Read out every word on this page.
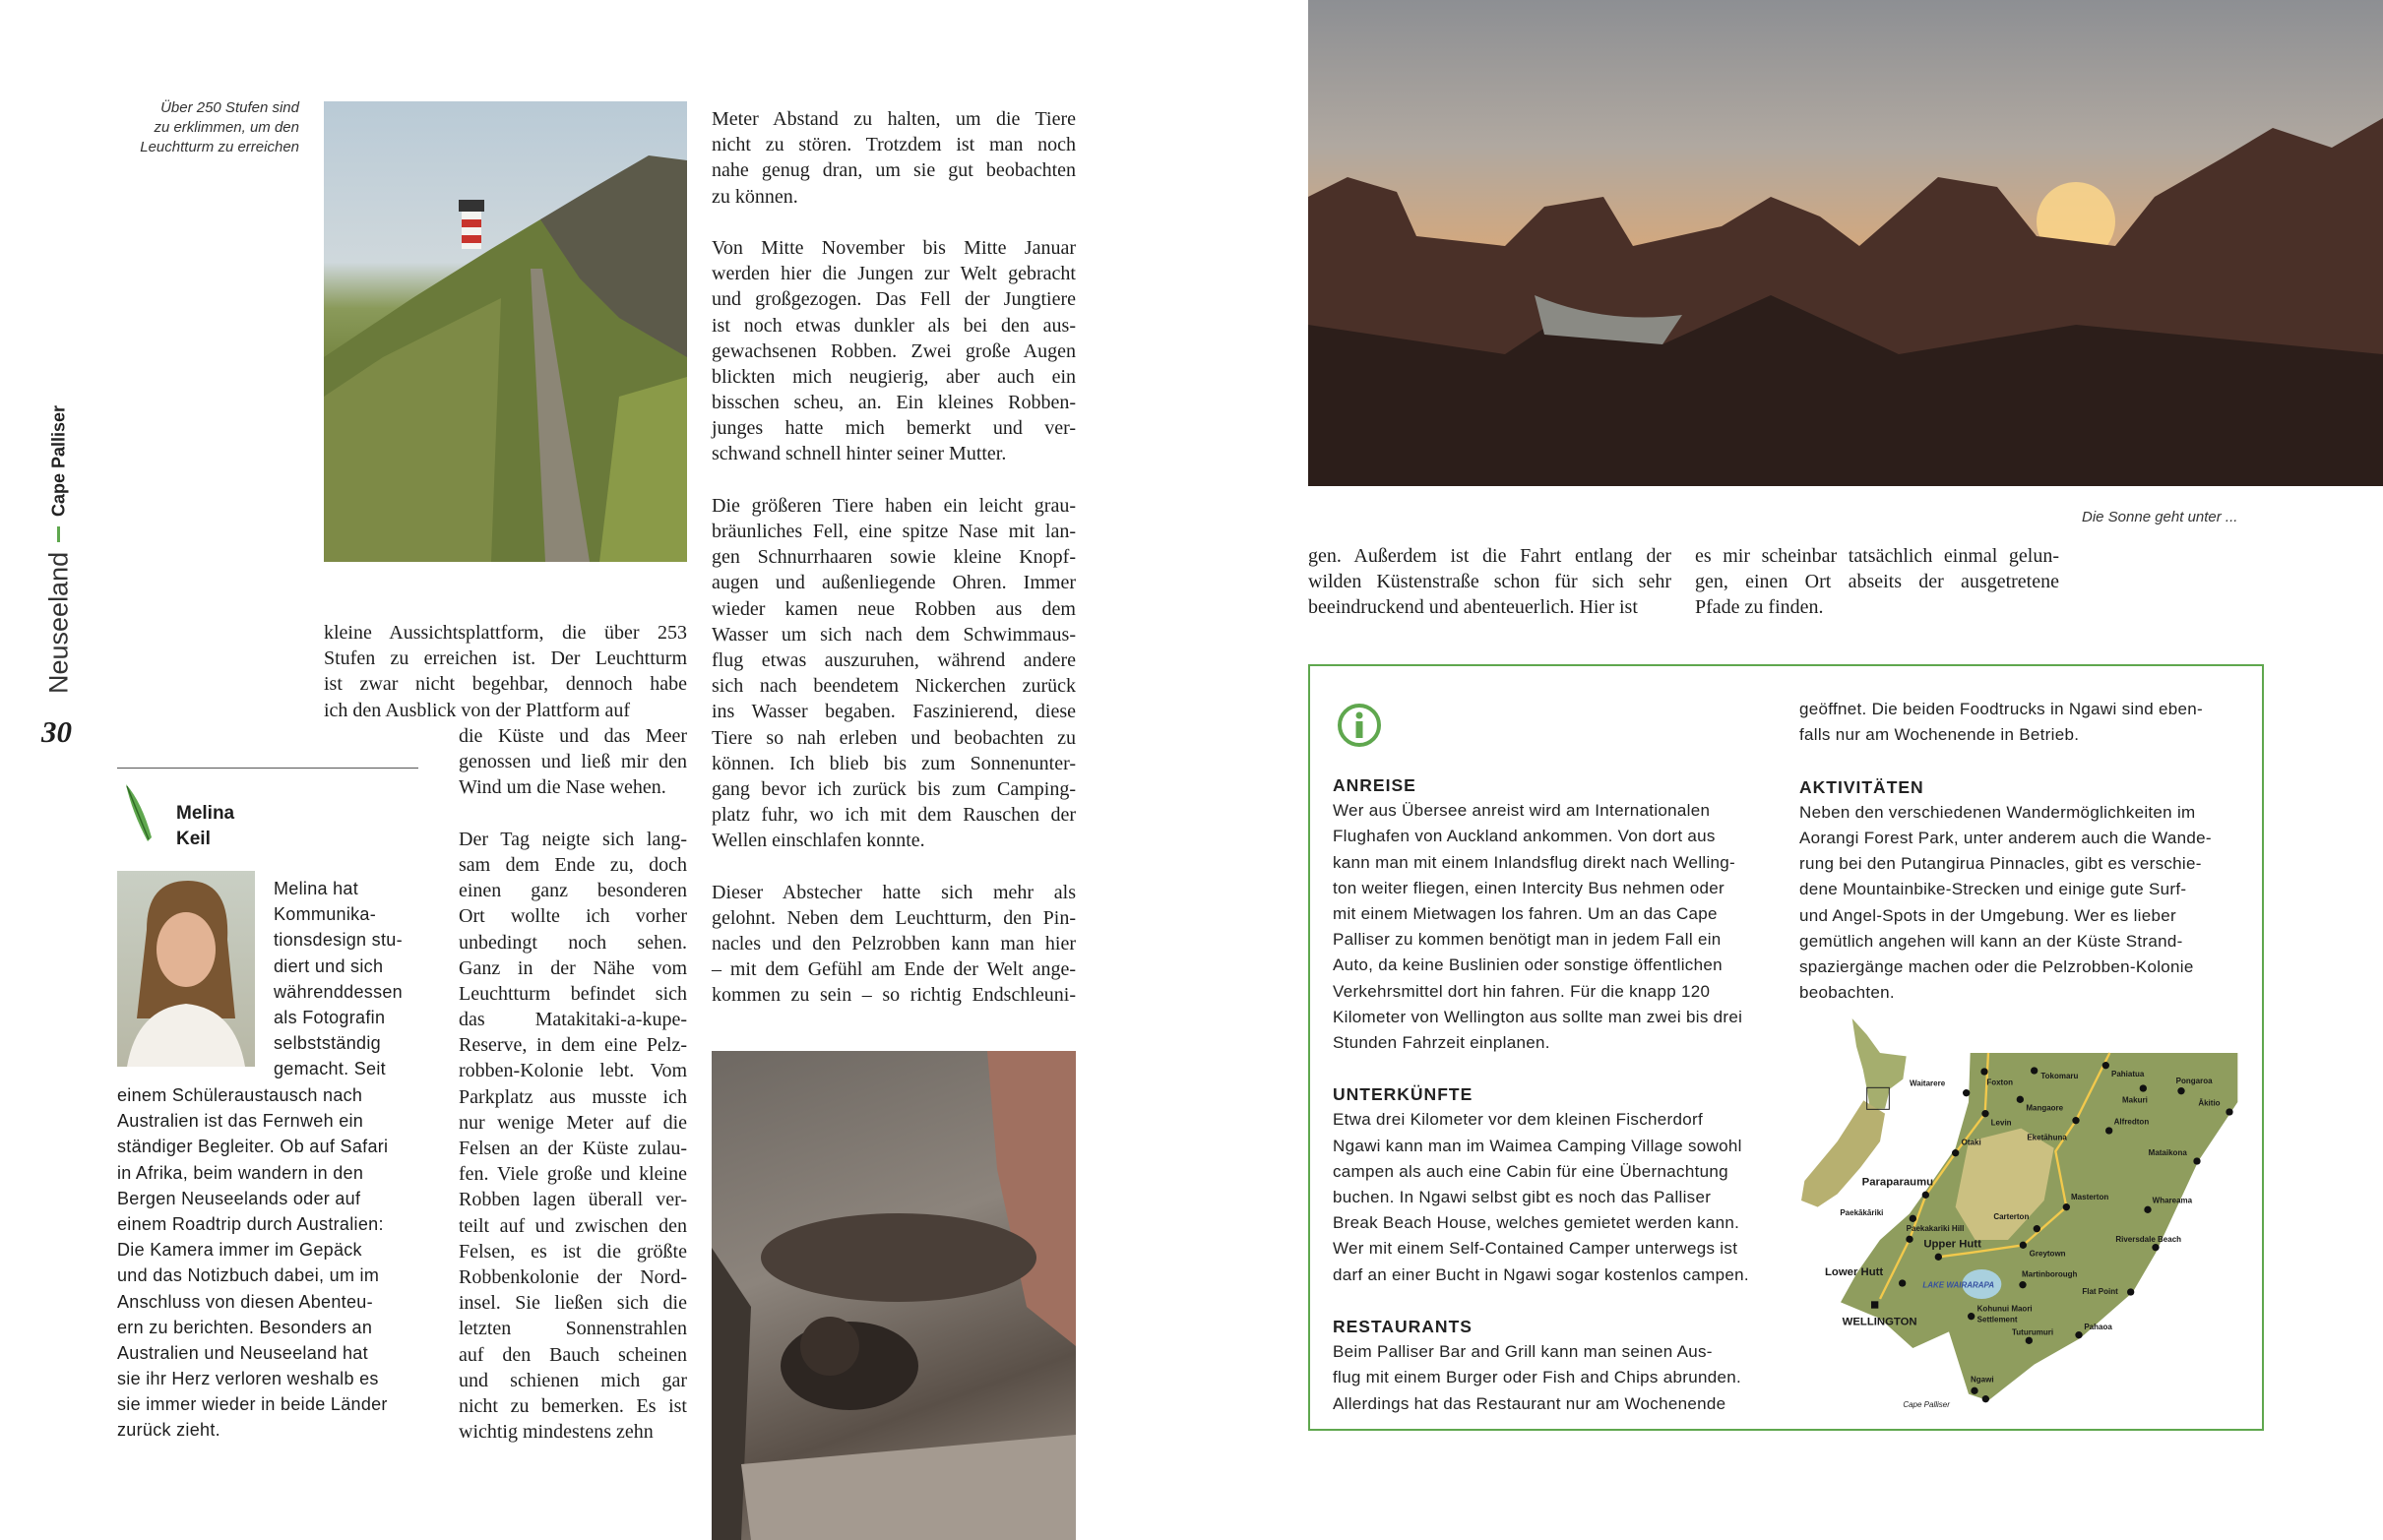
Über 250 Stufen sind
zu erklimmen, um den
Leuchtturm zu erreichen
Neuseeland
Cape Palliser
30
kleine Aussichtsplattform, die über 253
Stufen zu erreichen ist. Der Leuchtturm
ist zwar nicht begehbar, dennoch habe
ich den Ausblick von der Plattform auf
die Küste und das Meer
genossen und ließ mir den
Wind um die Nase wehen.
Der Tag neigte sich lang-
sam dem Ende zu, doch
einen ganz besonderen
Ort wollte ich vorher
unbedingt noch sehen.
Ganz in der Nähe vom
Leuchtturm befindet sich
das Matakitaki-a-kupe-
Reserve, in dem eine Pelz-
robben-Kolonie lebt. Vom
Parkplatz aus musste ich
nur wenige Meter auf die
Felsen an der Küste zulau-
fen. Viele große und kleine
Robben lagen überall ver-
teilt auf und zwischen den
Felsen, es ist die größte
Robbenkolonie der Nord-
insel. Sie ließen sich die
letzten Sonnenstrahlen
auf den Bauch scheinen
und schienen mich gar
nicht zu bemerken. Es ist
wichtig mindestens zehn
Meter Abstand zu halten, um die Tiere
nicht zu stören. Trotzdem ist man noch
nahe genug dran, um sie gut beobachten
zu können.
Von Mitte November bis Mitte Januar
werden hier die Jungen zur Welt gebracht
und großgezogen. Das Fell der Jungtiere
ist noch etwas dunkler als bei den aus-
gewachsenen Robben. Zwei große Augen
blickten mich neugierig, aber auch ein
bisschen scheu, an. Ein kleines Robben-
junges hatte mich bemerkt und ver-
schwand schnell hinter seiner Mutter.
Die größeren Tiere haben ein leicht grau-
bräunliches Fell, eine spitze Nase mit lan-
gen Schnurrhaaren sowie kleine Knopf-
augen und außenliegende Ohren. Immer
wieder kamen neue Robben aus dem
Wasser um sich nach dem Schwimmaus-
flug etwas auszuruhen, während andere
sich nach beendetem Nickerchen zurück
ins Wasser begaben. Faszinierend, diese
Tiere so nah erleben und beobachten zu
können. Ich blieb bis zum Sonnenunter-
gang bevor ich zurück bis zum Camping-
platz fuhr, wo ich mit dem Rauschen der
Wellen einschlafen konnte.
Dieser Abstecher hatte sich mehr als
gelohnt. Neben dem Leuchtturm, den Pin-
nacles und den Pelzrobben kann man hier
– mit dem Gefühl am Ende der Welt ange-
kommen zu sein – so richtig Endschleuni-
Melina
Keil
Melina hat
Kommunika-
tionsdesign stu-
diert und sich
währenddessen
als Fotografin
selbstständig
gemacht. Seit
einem Schüleraustausch nach
Australien ist das Fernweh ein
ständiger Begleiter. Ob auf Safari
in Afrika, beim wandern in den
Bergen Neuseelands oder auf
einem Roadtrip durch Australien:
Die Kamera immer im Gepäck
und das Notizbuch dabei, um im
Anschluss von diesen Abenteu-
ern zu berichten. Besonders an
Australien und Neuseeland hat
sie ihr Herz verloren weshalb es
sie immer wieder in beide Länder
zurück zieht.
Die Sonne geht unter ...
gen. Außerdem ist die Fahrt entlang der
wilden Küstenstraße schon für sich sehr
beeindruckend und abenteuerlich. Hier ist
es mir scheinbar tatsächlich einmal gelun-
gen, einen Ort abseits der ausgetretene
Pfade zu finden.
ANREISE
Wer aus Übersee anreist wird am Internationalen
Flughafen von Auckland ankommen. Von dort aus
kann man mit einem Inlandsflug direkt nach Welling-
ton weiter fliegen, einen Intercity Bus nehmen oder
mit einem Mietwagen los fahren. Um an das Cape
Palliser zu kommen benötigt man in jedem Fall ein
Auto, da keine Buslinien oder sonstige öffentlichen
Verkehrsmittel dort hin fahren. Für die knapp 120
Kilometer von Wellington aus sollte man zwei bis drei
Stunden Fahrzeit einplanen.
UNTERKÜNFTE
Etwa drei Kilometer vor dem kleinen Fischerdorf
Ngawi kann man im Waimea Camping Village sowohl
campen als auch eine Cabin für eine Übernachtung
buchen. In Ngawi selbst gibt es noch das Palliser
Break Beach House, welches gemietet werden kann.
Wer mit einem Self-Contained Camper unterwegs ist
darf an einer Bucht in Ngawi sogar kostenlos campen.
RESTAURANTS
Beim Palliser Bar and Grill kann man seinen Aus-
flug mit einem Burger oder Fish and Chips abrunden.
Allerdings hat das Restaurant nur am Wochenende
geöffnet. Die beiden Foodtrucks in Ngawi sind eben-
falls nur am Wochenende in Betrieb.
AKTIVITÄTEN
Neben den verschiedenen Wandermöglichkeiten im
Aorangi Forest Park, unter anderem auch die Wande-
rung bei den Putangirua Pinnacles, gibt es verschie-
dene Mountainbike-Strecken und einige gute Surf-
und Angel-Spots in der Umgebung. Wer es lieber
gemütlich angehen will kann an der Küste Strand-
spaziergänge machen oder die Pelzrobben-Kolonie
beobachten.
Waitarere Foxton
Tokomaru Pahiatua
Pongaroa
Makuri Ākitio
Mangaore
Levin	Alfredton
Eketāhuna
Otaki
Mataikona
Paraparaumu
Masterton Whareama
Paekākāriki	Carterton
Paekakariki Hill
Upper Hutt	Riversdale Beach
Greytown
Lower Hutt	Martinborough
LAKE WAIRARAPA
Flat Point
WELLINGTON
Kohunui Maori
Settlement
Tuturumuri
Pahaoa
Ngawi
Cape Palliser
